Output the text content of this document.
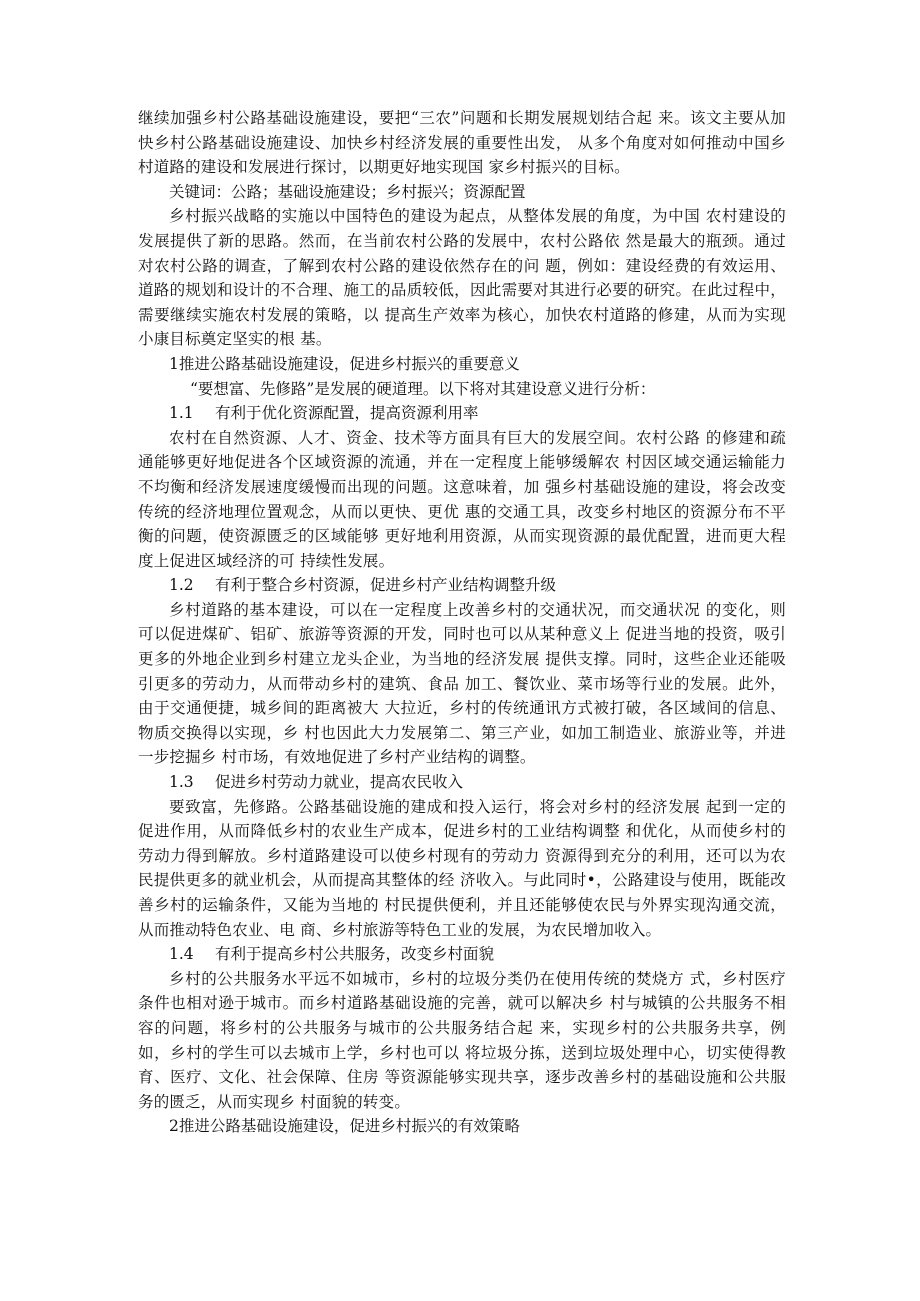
继续加强乡村公路基础设施建设，要把“三农”问题和长期发展规划结合起 来。该文主要从加快乡村公路基础设施建设、加快乡村经济发展的重要性出发， 从多个角度对如何推动中国乡村道路的建设和发展进行探讨，以期更好地实现国 家乡村振兴的目标。

关键词：公路；基础设施建设；乡村振兴；资源配置

乡村振兴战略的实施以中国特色的建设为起点，从整体发展的角度，为中国 农村建设的发展提供了新的思路。然而，在当前农村公路的发展中，农村公路依 然是最大的瓶颈。通过对农村公路的调查，了解到农村公路的建设依然存在的问 题，例如：建设经费的有效运用、道路的规划和设计的不合理、施工的品质较低，因此需要对其进行必要的研究。在此过程中，需要继续实施农村发展的策略，以 提高生产效率为核心，加快农村道路的修建，从而为实现小康目标奠定坚实的根 基。

1推进公路基础设施建设，促进乡村振兴的重要意义

“要想富、先修路”是发展的硬道理。以下将对其建设意义进行分析：

1.1 有利于优化资源配置，提高资源利用率

农村在自然资源、人才、资金、技术等方面具有巨大的发展空间。农村公路 的修建和疏通能够更好地促进各个区域资源的流通，并在一定程度上能够缓解农 村因区域交通运输能力不均衡和经济发展速度缓慢而出现的问题。这意味着，加 强乡村基础设施的建设，将会改变传统的经济地理位置观念，从而以更快、更优 惠的交通工具，改变乡村地区的资源分布不平衡的问题，使资源匮乏的区域能够 更好地利用资源，从而实现资源的最优配置，进而更大程度上促进区域经济的可 持续性发展。

1.2 有利于整合乡村资源，促进乡村产业结构调整升级

乡村道路的基本建设，可以在一定程度上改善乡村的交通状况，而交通状况 的变化，则可以促进煤矿、铝矿、旅游等资源的开发，同时也可以从某种意义上 促进当地的投资，吸引更多的外地企业到乡村建立龙头企业，为当地的经济发展 提供支撑。同时，这些企业还能吸引更多的劳动力，从而带动乡村的建筑、食品 加工、餐饮业、菜市场等行业的发展。此外，由于交通便捷，城乡间的距离被大 大拉近，乡村的传统通讯方式被打破，各区域间的信息、物质交换得以实现，乡 村也因此大力发展第二、第三产业，如加工制造业、旅游业等，并进一步挖掘乡 村市场，有效地促进了乡村产业结构的调整。

1.3 促进乡村劳动力就业，提高农民收入

要致富，先修路。公路基础设施的建成和投入运行，将会对乡村的经济发展 起到一定的促进作用，从而降低乡村的农业生产成本，促进乡村的工业结构调整 和优化，从而使乡村的劳动力得到解放。乡村道路建设可以使乡村现有的劳动力 资源得到充分的利用，还可以为农民提供更多的就业机会，从而提高其整体的经 济收入。与此同时•，公路建设与使用，既能改善乡村的运输条件，又能为当地的 村民提供便利，并且还能够使农民与外界实现沟通交流，从而推动特色农业、电 商、乡村旅游等特色工业的发展，为农民增加收入。

1.4 有利于提高乡村公共服务，改变乡村面貌

乡村的公共服务水平远不如城市，乡村的垃圾分类仍在使用传统的焚烧方 式，乡村医疗条件也相对逊于城市。而乡村道路基础设施的完善，就可以解决乡 村与城镇的公共服务不相容的问题，将乡村的公共服务与城市的公共服务结合起 来，实现乡村的公共服务共享，例如，乡村的学生可以去城市上学，乡村也可以 将垃圾分拣，送到垃圾处理中心，切实使得教育、医疗、文化、社会保障、住房 等资源能够实现共享，逐步改善乡村的基础设施和公共服务的匮乏，从而实现乡 村面貌的转变。

2推进公路基础设施建设，促进乡村振兴的有效策略
